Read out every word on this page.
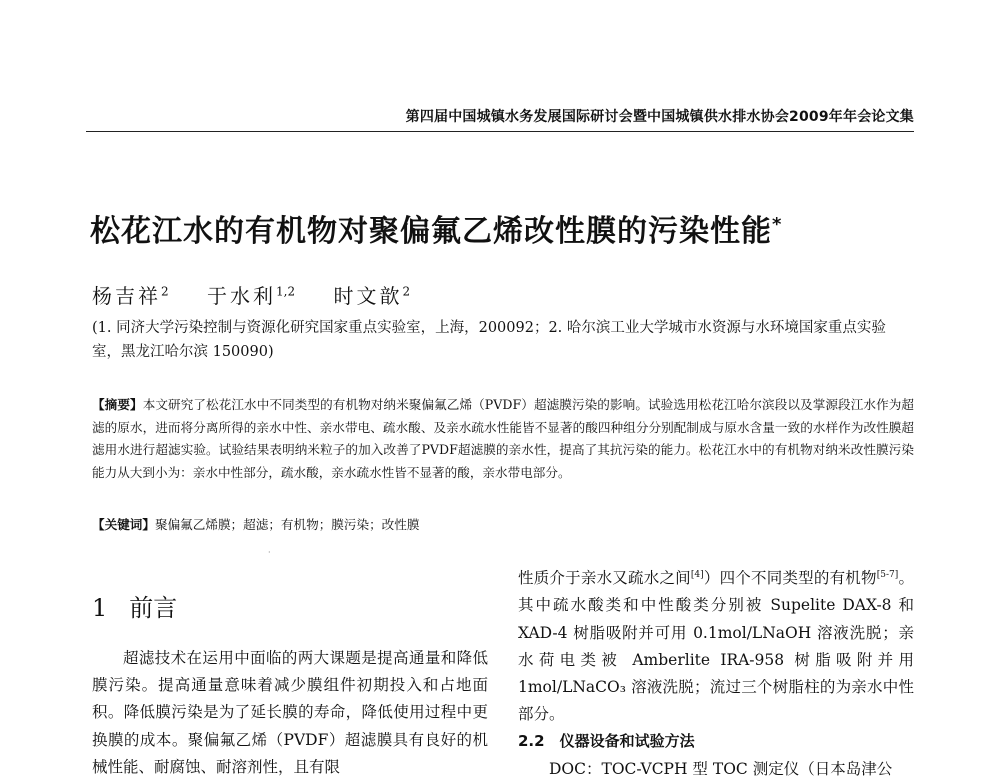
第四届中国城镇水务发展国际研讨会暨中国城镇供水排水协会2009年年会论文集
松花江水的有机物对聚偏氟乙烯改性膜的污染性能*
杨吉祥$^2$ 于水利$^{1,2}$ 时文歆$^2$
(1. 同济大学污染控制与资源化研究国家重点实验室，上海，200092；2. 哈尔滨工业大学城市水资源与水环境国家重点实验室，黑龙江哈尔滨 150090)
【摘要】本文研究了松花江水中不同类型的有机物对纳米聚偏氟乙烯（PVDF）超滤膜污染的影响。试验选用松花江哈尔滨段以及掌源段江水作为超滤的原水，进而将分离所得的亲水中性、亲水带电、疏水酸、及亲水疏水性能皆不显著的酸四种组分分别配制成与原水含量一致的水样作为改性膜超滤用水进行超滤实验。试验结果表明纳米粒子的加入改善了PVDF超滤膜的亲水性，提高了其抗污染的能力。松花江水中的有机物对纳米改性膜污染能力从大到小为：亲水中性部分，疏水酸，亲水疏水性皆不显著的酸，亲水带电部分。
【关键词】聚偏氟乙烯膜；超滤；有机物；膜污染；改性膜
·
1 前言
超滤技术在运用中面临的两大课题是提高通量和降低膜污染。提高通量意味着减少膜组件初期投入和占地面积。降低膜污染是为了延长膜的寿命，降低使用过程中更换膜的成本。聚偏氟乙烯（PVDF）超滤膜具有良好的机械性能、耐腐蚀、耐溶剂性，且有限
性质介于亲水又疏水之间[4]）四个不同类型的有机物[5-7]。其中疏水酸类和中性酸类分别被 Supelite DAX-8 和 XAD-4 树脂吸附并可用 0.1mol/LNaOH 溶液洗脱；亲水荷电类被 Amberlite IRA-958 树脂吸附并用 1mol/LNaCO₃ 溶液洗脱；流过三个树脂柱的为亲水中性部分。
2.2　仪器设备和试验方法
DOC：TOC-VCPH 型 TOC 测定仪（日本岛津公
